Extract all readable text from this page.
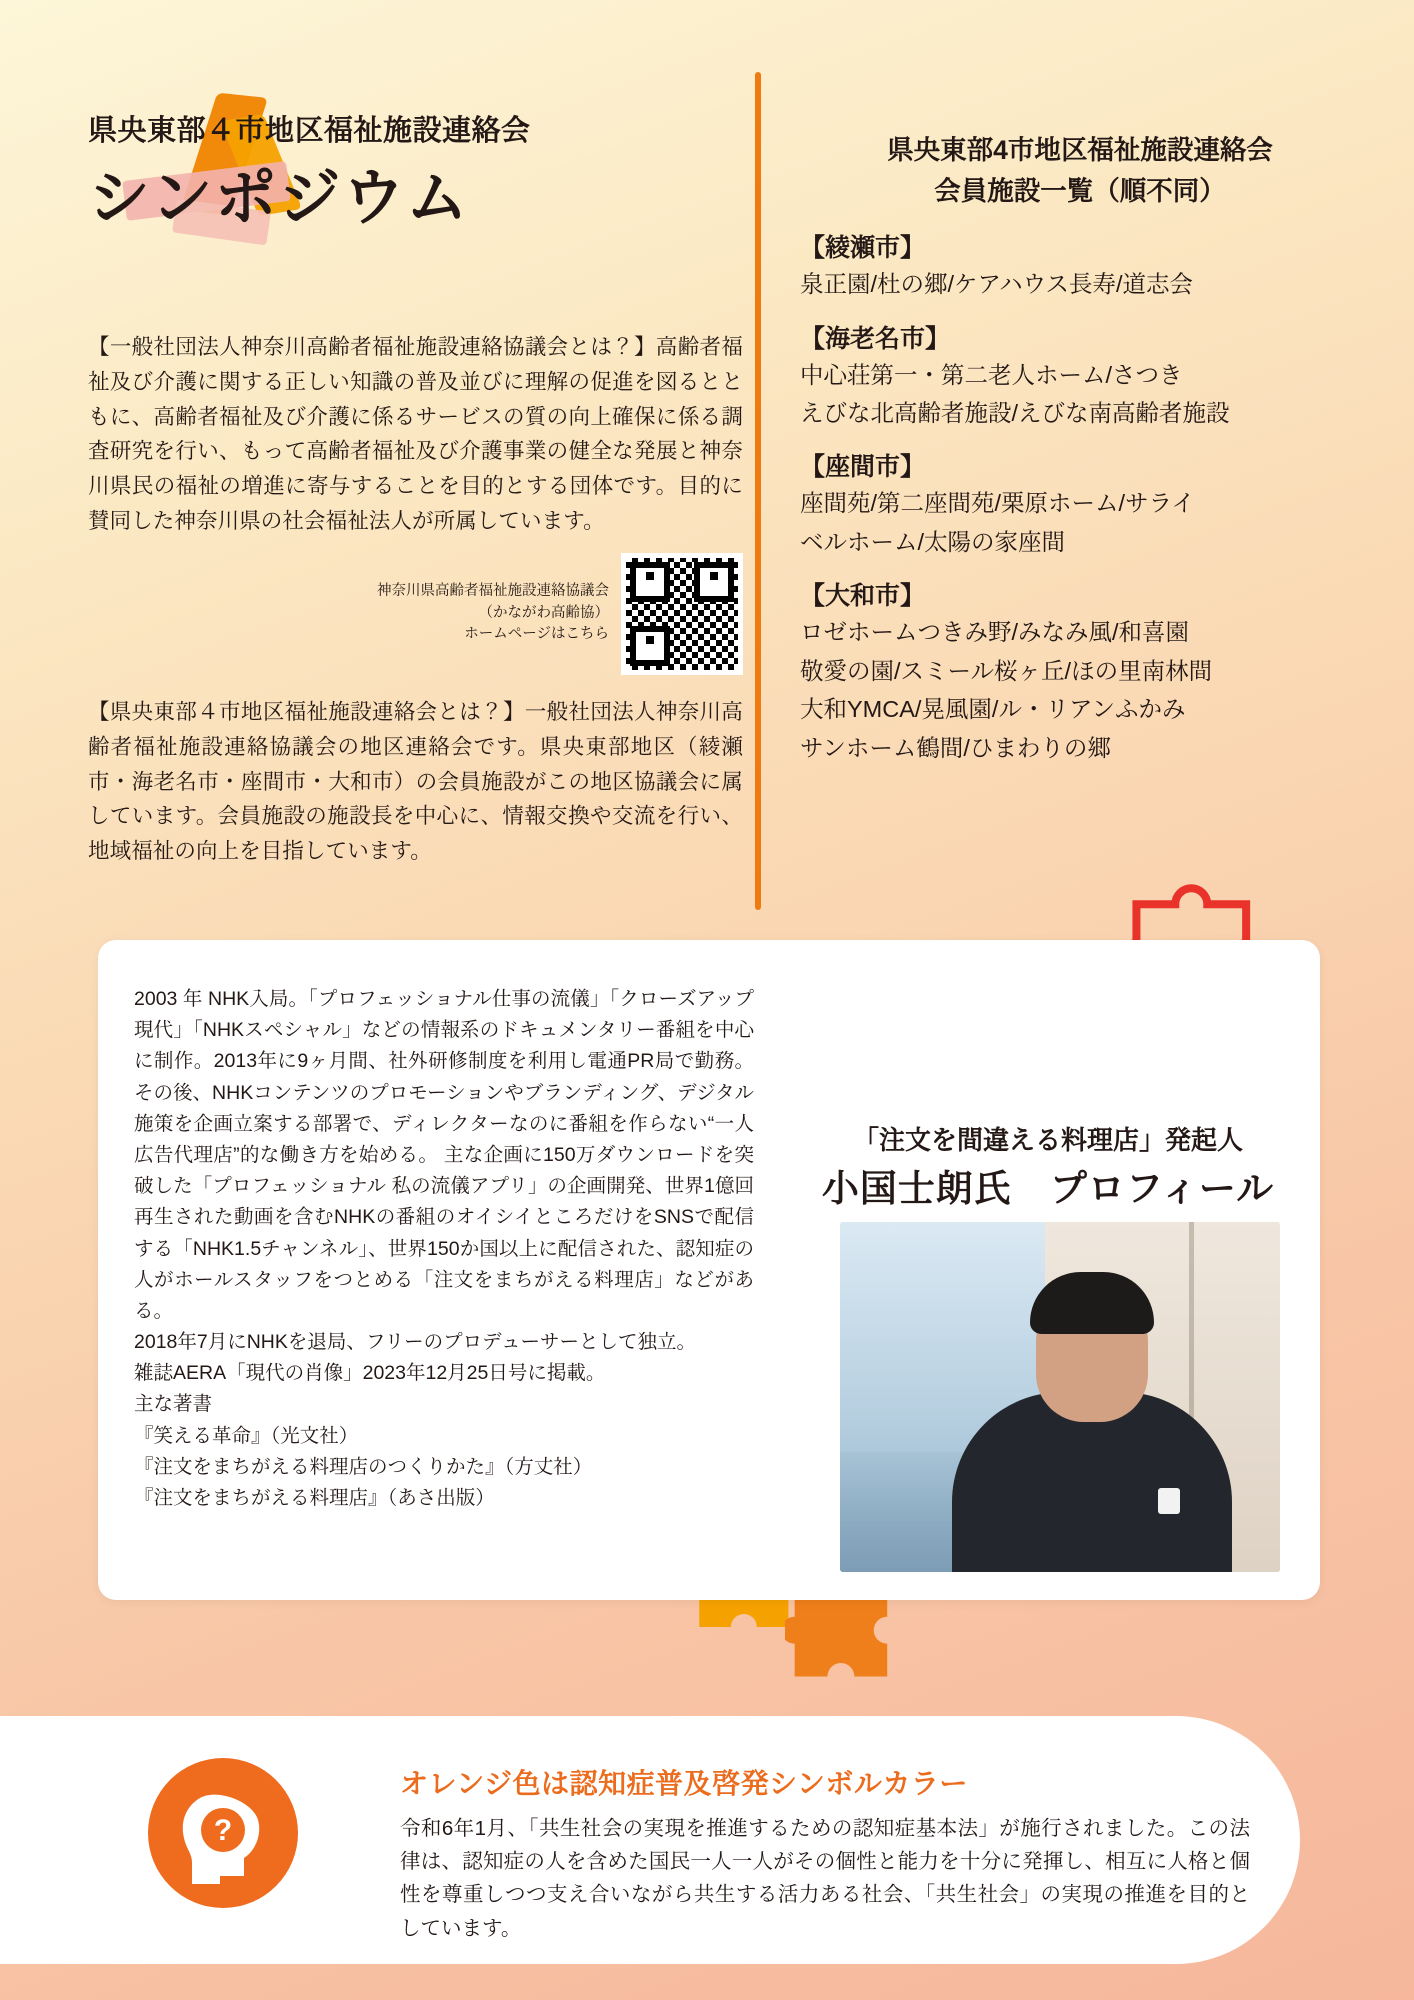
県央東部４市地区福祉施設連絡会
シンポジウム
【一般社団法人神奈川高齢者福祉施設連絡協議会とは？】高齢者福祉及び介護に関する正しい知識の普及並びに理解の促進を図るとともに、高齢者福祉及び介護に係るサービスの質の向上確保に係る調査研究を行い、もって高齢者福祉及び介護事業の健全な発展と神奈川県民の福祉の増進に寄与することを目的とする団体です。目的に賛同した神奈川県の社会福祉法人が所属しています。
神奈川県高齢者福祉施設連絡協議会
（かながわ高齢協）
ホームページはこちら
【県央東部４市地区福祉施設連絡会とは？】一般社団法人神奈川高齢者福祉施設連絡協議会の地区連絡会です。県央東部地区（綾瀬市・海老名市・座間市・大和市）の会員施設がこの地区協議会に属しています。会員施設の施設長を中心に、情報交換や交流を行い、地域福祉の向上を目指しています。
県央東部4市地区福祉施設連絡会
会員施設一覧（順不同）
【綾瀬市】
泉正園/杜の郷/ケアハウス長寿/道志会
【海老名市】
中心荘第一・第二老人ホーム/さつき
えびな北高齢者施設/えびな南高齢者施設
【座間市】
座間苑/第二座間苑/栗原ホーム/サライ
ベルホーム/太陽の家座間
【大和市】
ロゼホームつきみ野/みなみ風/和喜園
敬愛の園/スミール桜ヶ丘/ほの里南林間
大和YMCA/晃風園/ル・リアンふかみ
サンホーム鶴間/ひまわりの郷
2003 年 NHK入局。「プロフェッショナル仕事の流儀」「クローズアップ現代」「NHKスペシャル」などの情報系のドキュメンタリー番組を中心に制作。2013年に9ヶ月間、社外研修制度を利用し電通PR局で勤務。その後、NHKコンテンツのプロモーションやブランディング、デジタル施策を企画立案する部署で、ディレクターなのに番組を作らない“一人広告代理店”的な働き方を始める。 主な企画に150万ダウンロードを突破した「プロフェッショナル 私の流儀アプリ」の企画開発、世界1億回再生された動画を含むNHKの番組のオイシイところだけをSNSで配信する「NHK1.5チャンネル」、世界150か国以上に配信された、認知症の人がホールスタッフをつとめる「注文をまちがえる料理店」などがある。
2018年7月にNHKを退局、フリーのプロデューサーとして独立。
雑誌AERA「現代の肖像」2023年12月25日号に掲載。
主な著書
『笑える革命』（光文社）
『注文をまちがえる料理店のつくりかた』（方丈社）
『注文をまちがえる料理店』（あさ出版）
「注文を間違える料理店」発起人
小国士朗氏　プロフィール
?
オレンジ色は認知症普及啓発シンボルカラー
令和6年1月、「共生社会の実現を推進するための認知症基本法」が施行されました。この法律は、認知症の人を含めた国民一人一人がその個性と能力を十分に発揮し、相互に人格と個性を尊重しつつ支え合いながら共生する活力ある社会、「共生社会」の実現の推進を目的としています。
